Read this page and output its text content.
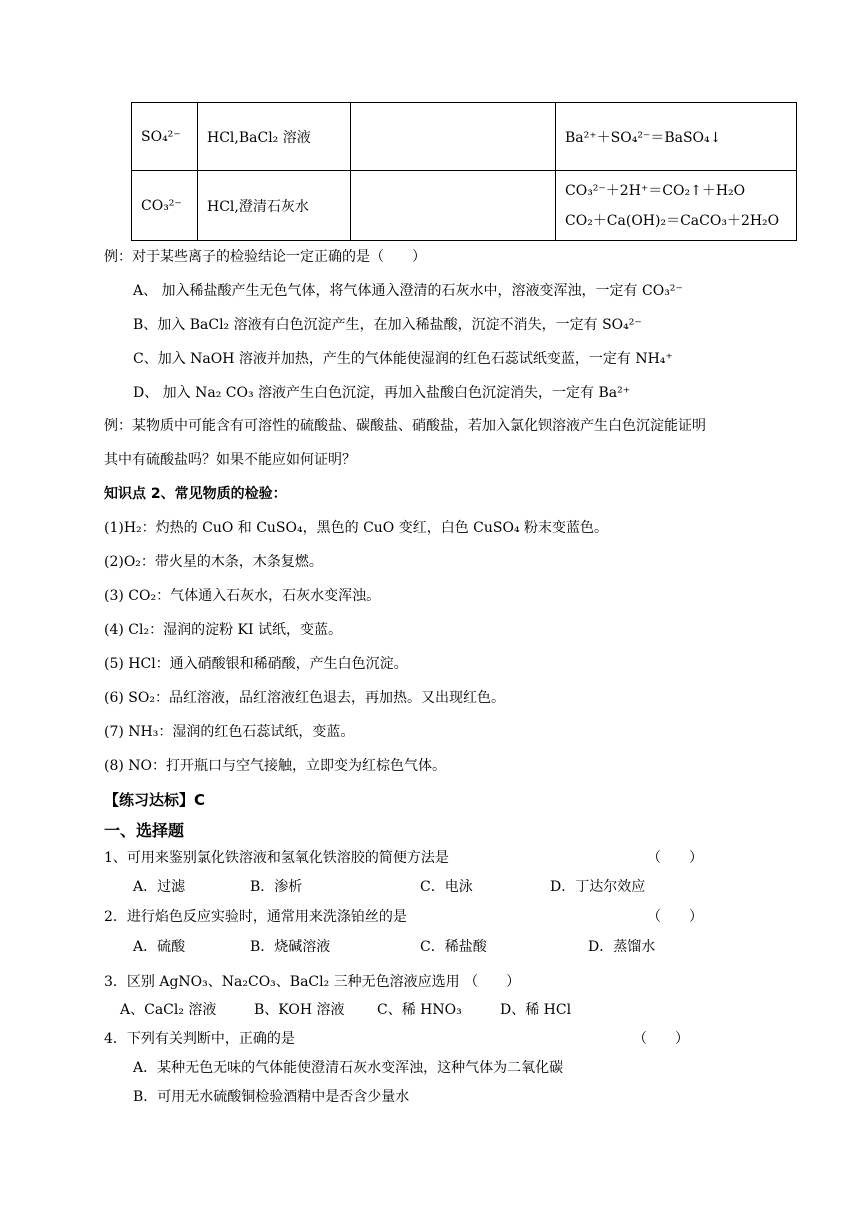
SO₄²⁻	HCl,BaCl₂ 溶液		Ba²⁺＋SO₄²⁻＝BaSO₄↓
CO₃²⁻	HCl,澄清石灰水		CO₃²⁻＋2H⁺＝CO₂↑＋H₂O
CO₂＋Ca(OH)₂＝CaCO₃＋2H₂O
例：对于某些离子的检验结论一定正确的是（　　）
A、 加入稀盐酸产生无色气体，将气体通入澄清的石灰水中，溶液变浑浊，一定有 CO₃²⁻
B、加入 BaCl₂ 溶液有白色沉淀产生，在加入稀盐酸，沉淀不消失，一定有 SO₄²⁻
C、加入 NaOH 溶液并加热，产生的气体能使湿润的红色石蕊试纸变蓝，一定有 NH₄⁺
D、 加入 Na₂ CO₃ 溶液产生白色沉淀，再加入盐酸白色沉淀消失，一定有 Ba²⁺
例：某物质中可能含有可溶性的硫酸盐、碳酸盐、硝酸盐，若加入氯化钡溶液产生白色沉淀能证明
其中有硫酸盐吗？如果不能应如何证明？
知识点 2、常见物质的检验：
(1)H₂：灼热的 CuO 和 CuSO₄，黑色的 CuO 变红，白色 CuSO₄ 粉末变蓝色。
(2)O₂：带火星的木条，木条复燃。
(3) CO₂：气体通入石灰水，石灰水变浑浊。
(4) Cl₂：湿润的淀粉 KI 试纸，变蓝。
(5) HCl：通入硝酸银和稀硝酸，产生白色沉淀。
(6) SO₂：品红溶液，品红溶液红色退去，再加热。又出现红色。
(7) NH₃：湿润的红色石蕊试纸，变蓝。
(8) NO：打开瓶口与空气接触，立即变为红棕色气体。
【练习达标】C
一、选择题
1、可用来鉴别氯化铁溶液和氢氧化铁溶胶的简便方法是	（　　）
A．过滤	B．渗析	C．电泳	D．丁达尔效应
2．进行焰色反应实验时，通常用来洗涤铂丝的是	（　　）
A．硫酸	B．烧碱溶液	C．稀盐酸	D．蒸馏水
3．区别 AgNO₃、Na₂CO₃、BaCl₂ 三种无色溶液应选用 （　　）
A、CaCl₂ 溶液	B、KOH 溶液 C、稀 HNO₃	D、稀 HCl
4．下列有关判断中，正确的是	（　　）
A．某种无色无味的气体能使澄清石灰水变浑浊，这种气体为二氧化碳
B．可用无水硫酸铜检验酒精中是否含少量水
